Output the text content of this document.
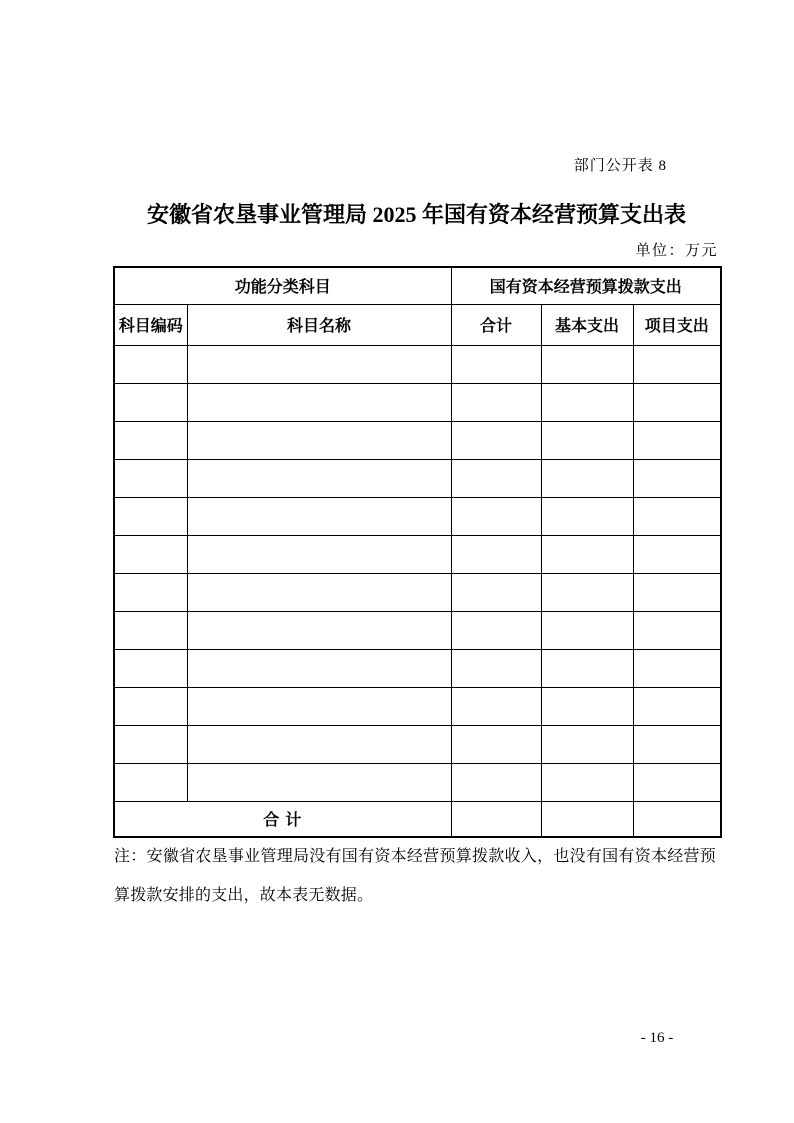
部门公开表 8
安徽省农垦事业管理局 2025 年国有资本经营预算支出表
单位：万元
功能分类科目		国有资本经营预算拨款支出		
科目编码	科目名称	合计	基本支出	项目支出

合 计				

注：安徽省农垦事业管理局没有国有资本经营预算拨款收入，也没有国有资本经营预算拨款安排的支出，故本表无数据。

- 16 -
